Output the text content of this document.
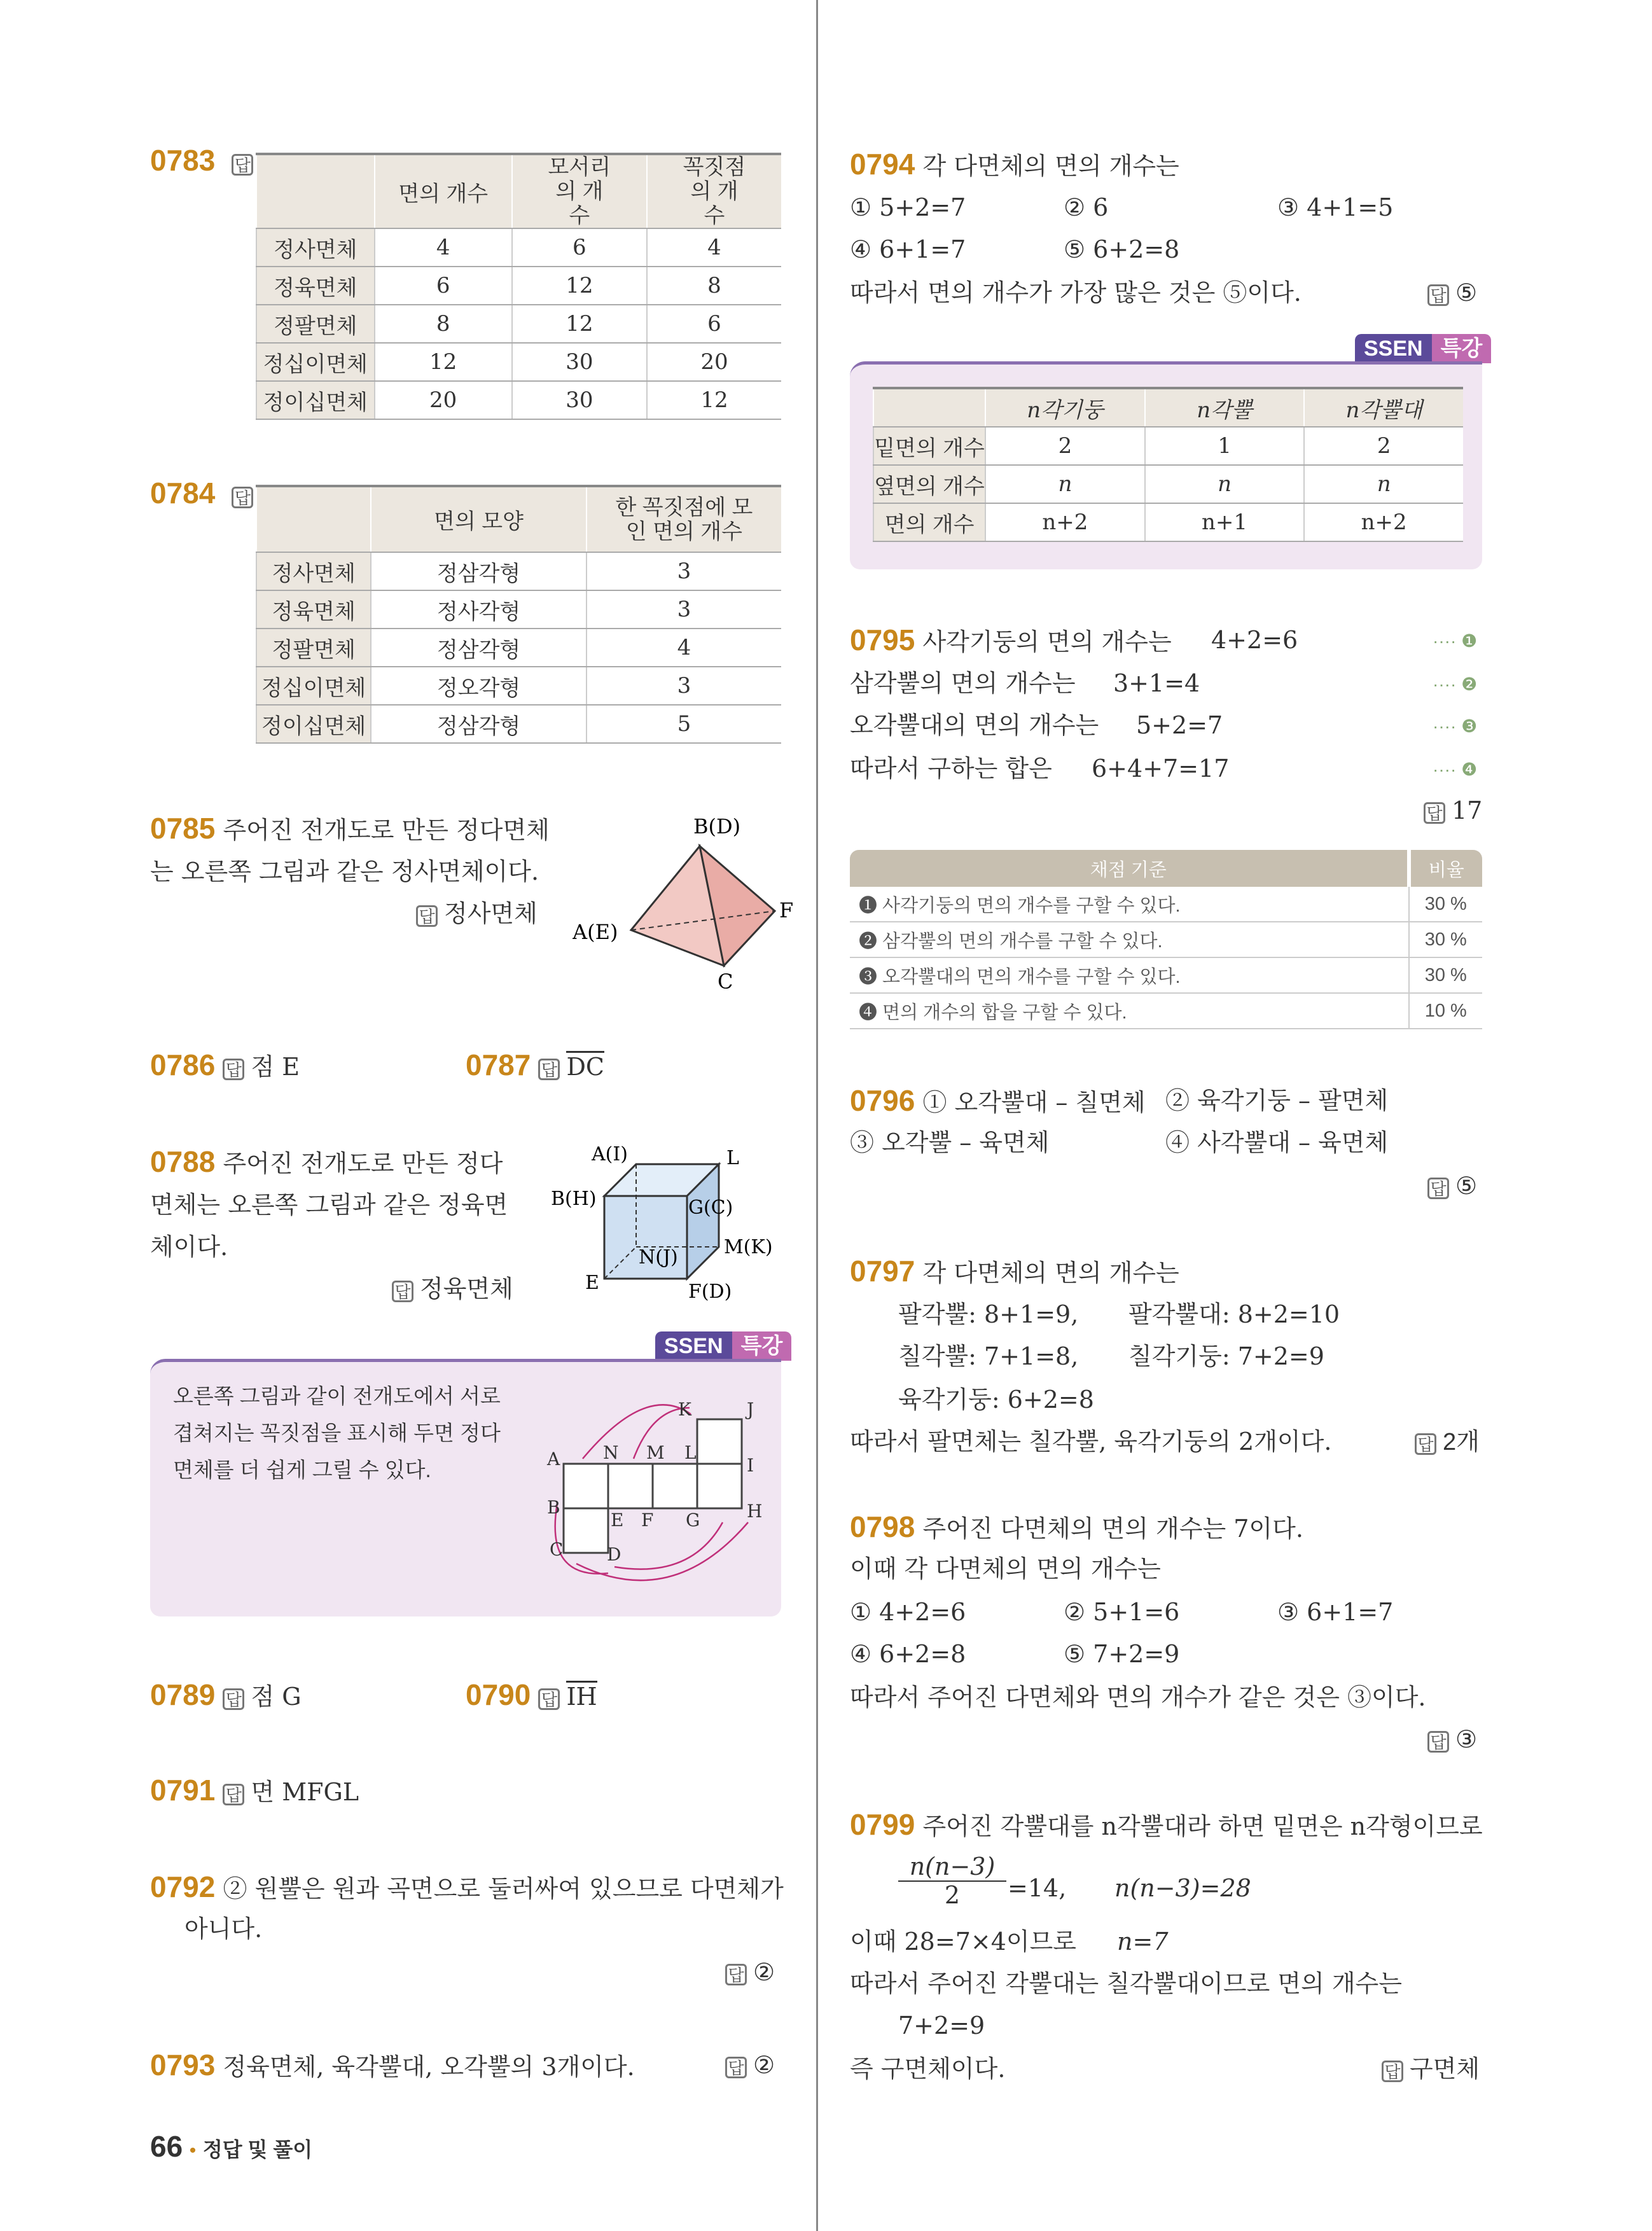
0783 답
	면의 개수	모서리의 개수	꼭짓점의 개수

정사면체	4	6	4
정육면체	6	12	8
정팔면체	8	12	6
정십이면체	12	30	20
정이십면체	20	30	12
0784 답
	면의 모양	한 꼭짓점에 모인 면의 개수

정사면체	정삼각형	3
정육면체	정사각형	3
정팔면체	정삼각형	4
정십이면체	정오각형	3
정이십면체	정삼각형	5
0785 주어진 전개도로 만든 정다면체
는 오른쪽 그림과 같은 정사면체이다.
답 정사면체
B(D)
A(E)
F
C
0786 답 점 E	0787 답 DC
0788 주어진 전개도로 만든 정다
면체는 오른쪽 그림과 같은 정육면
체이다.
답 정육면체
A(I)	L
B(H)	G(C)
N(J) M(K)
E	F(D)
SSEN 특강
오른쪽 그림과 같이 전개도에서 서로
겹쳐지는 꼭짓점을 표시해 두면 정다
면체를 더 쉽게 그릴 수 있다.
K	J
A N M L
I
B
E F G	H
C D
0789 답 점 G	0790 답 IH
0791 답 면 MFGL
0792 ② 원뿔은 원과 곡면으로 둘러싸여 있으므로 다면체가
아니다.
답 ②
0793 정육면체, 육각뿔대, 오각뿔의 3개이다.	답 ②
66 • 정답 및 풀이
0794 각 다면체의 면의 개수는
① 5+2=7	② 6	③ 4+1=5
④ 6+1=7	⑤ 6+2=8
따라서 면의 개수가 가장 많은 것은 ⑤이다.	답 ⑤
SSEN 특강
	n각기둥	n각뿔	n각뿔대
밑면의 개수	2	1	2
옆면의 개수	n	n	n
면의 개수	n+2	n+1	n+2
0795 사각기둥의 면의 개수는 4+2=6	···· ❶
삼각뿔의 면의 개수는 3+1=4	···· ❷
오각뿔대의 면의 개수는 5+2=7	···· ❸
따라서 구하는 합은 6+4+7=17	···· ❹
답 17
채점 기준	비율
❶ 사각기둥의 면의 개수를 구할 수 있다.	30 %
❷ 삼각뿔의 면의 개수를 구할 수 있다.	30 %
❸ 오각뿔대의 면의 개수를 구할 수 있다.	30 %
❹ 면의 개수의 합을 구할 수 있다.	10 %
0796 ① 오각뿔대 – 칠면체 ② 육각기둥 – 팔면체
③ 오각뿔 – 육면체	④ 사각뿔대 – 육면체
답 ⑤
0797 각 다면체의 면의 개수는
팔각뿔: 8+1=9, 팔각뿔대: 8+2=10
칠각뿔: 7+1=8, 칠각기둥: 7+2=9
육각기둥: 6+2=8
따라서 팔면체는 칠각뿔, 육각기둥의 2개이다.	답 2개
0798 주어진 다면체의 면의 개수는 7이다.
이때 각 다면체의 면의 개수는
① 4+2=6	② 5+1=6	③ 6+1=7
④ 6+2=8	⑤ 7+2=9
따라서 주어진 다면체와 면의 개수가 같은 것은 ③이다.
답 ③
0799 주어진 각뿔대를 n각뿔대라 하면 밑면은 n각형이므로
n(n−3)
2	=14, n(n−3)=28
이때 28=7×4이므로 n=7
따라서 주어진 각뿔대는 칠각뿔대이므로 면의 개수는
7+2=9
즉 구면체이다.	답 구면체
